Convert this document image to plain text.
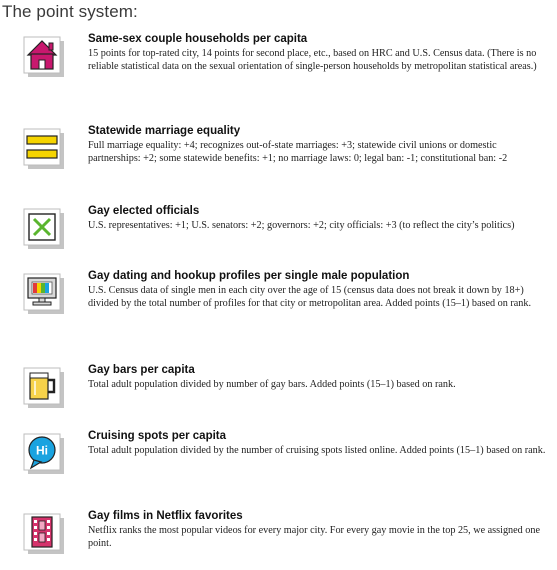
The point system:
Same-sex couple households per capita
15 points for top-rated city, 14 points for second place, etc., based on HRC and U.S. Census data. (There is no reliable statistical data on the sexual orientation of single-person households by metropolitan statistical areas.)
Statewide marriage equality
Full marriage equality: +4; recognizes out-of-state marriages: +3; statewide civil unions or domestic partnerships: +2; some statewide benefits: +1; no marriage laws: 0; legal ban: -1; constitutional ban: -2
Gay elected officials
U.S. representatives: +1; U.S. senators: +2; governors: +2; city officials: +3 (to reflect the city’s politics)
Gay dating and hookup profiles per single male population
U.S. Census data of single men in each city over the age of 15 (census data does not break it down by 18+) divided by the total number of profiles for that city or metropolitan area. Added points (15–1) based on rank.
Gay bars per capita
Total adult population divided by number of gay bars. Added points (15–1) based on rank.
Hi
Cruising spots per capita
Total adult population divided by the number of cruising spots listed online. Added points (15–1) based on rank.
Gay films in Netflix favorites
Netflix ranks the most popular videos for every major city. For every gay movie in the top 25, we assigned one point.
